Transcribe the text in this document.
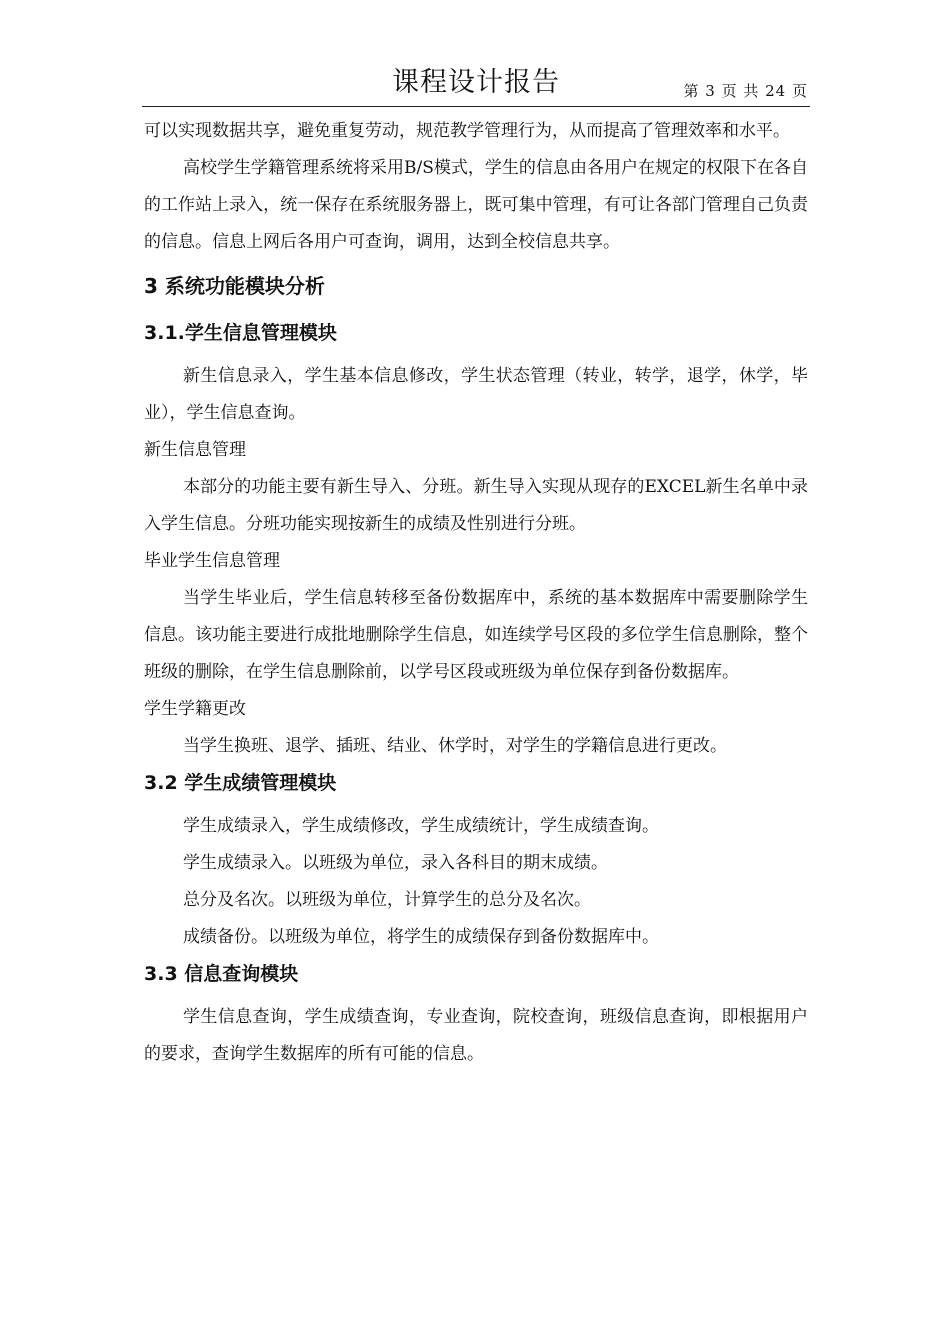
课程设计报告	第 3 页 共 24 页

可以实现数据共享，避免重复劳动，规范教学管理行为，从而提高了管理效率和水平。

高校学生学籍管理系统将采用B/S模式，学生的信息由各用户在规定的权限下在各自的工作站上录入，统一保存在系统服务器上，既可集中管理，有可让各部门管理自己负责的信息。信息上网后各用户可查询，调用，达到全校信息共享。

3 系统功能模块分析
3.1.学生信息管理模块

新生信息录入，学生基本信息修改，学生状态管理（转业，转学，退学，休学，毕业），学生信息查询。

新生信息管理

本部分的功能主要有新生导入、分班。新生导入实现从现存的EXCEL新生名单中录入学生信息。分班功能实现按新生的成绩及性别进行分班。

毕业学生信息管理

当学生毕业后，学生信息转移至备份数据库中，系统的基本数据库中需要删除学生信息。该功能主要进行成批地删除学生信息，如连续学号区段的多位学生信息删除，整个班级的删除，在学生信息删除前，以学号区段或班级为单位保存到备份数据库。

学生学籍更改

当学生换班、退学、插班、结业、休学时，对学生的学籍信息进行更改。

3.2 学生成绩管理模块

学生成绩录入，学生成绩修改，学生成绩统计，学生成绩查询。

学生成绩录入。以班级为单位，录入各科目的期末成绩。

总分及名次。以班级为单位，计算学生的总分及名次。

成绩备份。以班级为单位，将学生的成绩保存到备份数据库中。

3.3 信息查询模块

学生信息查询，学生成绩查询，专业查询，院校查询，班级信息查询，即根据用户的要求，查询学生数据库的所有可能的信息。
